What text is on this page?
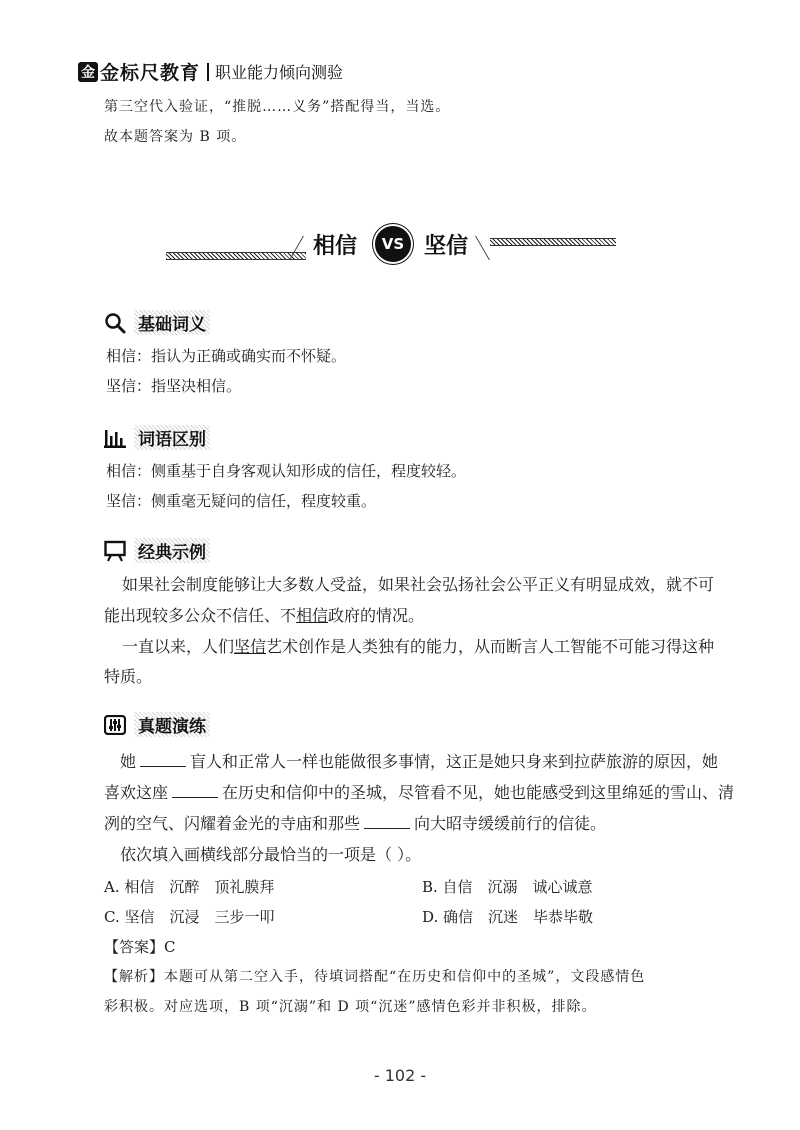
金 金标尺教育 职业能力倾向测验
第三空代入验证，“推脱……义务”搭配得当，当选。
故本题答案为 B 项。
相信	VS 坚信
基础词义
相信：指认为正确或确实而不怀疑。
坚信：指坚决相信。
词语区别
相信：侧重基于自身客观认知形成的信任，程度较轻。
坚信：侧重毫无疑问的信任，程度较重。
经典示例
如果社会制度能够让大多数人受益，如果社会弘扬社会公平正义有明显成效，就不可
能出现较多公众不信任、不相信政府的情况。
一直以来，人们坚信艺术创作是人类独有的能力，从而断言人工智能不可能习得这种
特质。
真题演练
她	盲人和正常人一样也能做很多事情，这正是她只身来到拉萨旅游的原因，她
喜欢这座	在历史和信仰中的圣城，尽管看不见，她也能感受到这里绵延的雪山、清
冽的空气、闪耀着金光的寺庙和那些	向大昭寺缓缓前行的信徒。
依次填入画横线部分最恰当的一项是（ ）。
A. 相信　沉醉　顶礼膜拜	B. 自信　沉溺　诚心诚意
C. 坚信　沉浸　三步一叩	D. 确信　沉迷　毕恭毕敬
【答案】C
【解析】本题可从第二空入手，待填词搭配“在历史和信仰中的圣城”，文段感情色
彩积极。对应选项，B 项“沉溺”和 D 项“沉迷”感情色彩并非积极，排除。
- 102 -
